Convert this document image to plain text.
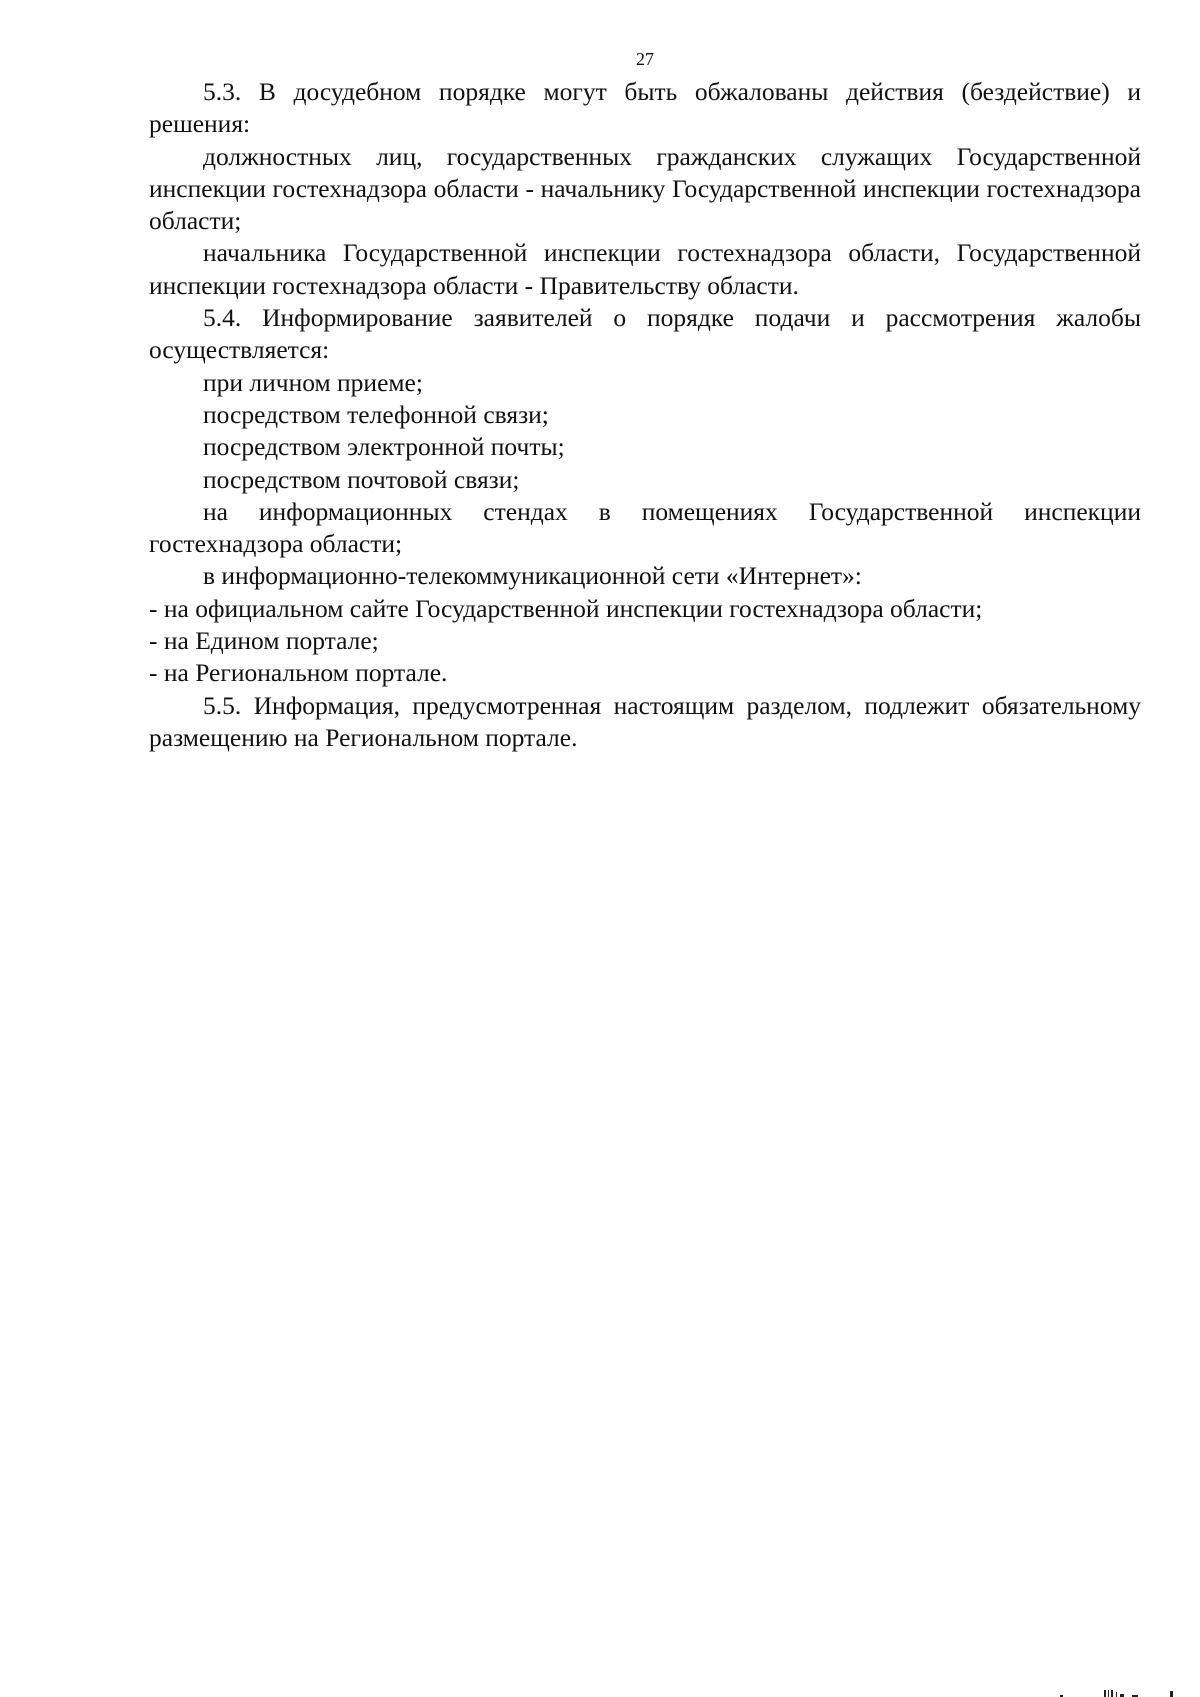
27

5.3. В досудебном порядке могут быть обжалованы действия (бездействие) и решения:

должностных лиц, государственных гражданских служащих Государственной инспекции гостехнадзора области - начальнику Государственной инспекции гостехнадзора области;

начальника Государственной инспекции гостехнадзора области, Государственной инспекции гостехнадзора области - Правительству области.

5.4. Информирование заявителей о порядке подачи и рассмотрения жалобы осуществляется:

при личном приеме;

посредством телефонной связи;

посредством электронной почты;

посредством почтовой связи;

на информационных стендах в помещениях Государственной инспекции гостехнадзора области;

в информационно-телекоммуникационной сети «Интернет»:

- на официальном сайте Государственной инспекции гостехнадзора области;

- на Едином портале;

- на Региональном портале.

5.5. Информация, предусмотренная настоящим разделом, подлежит обязательному размещению на Региональном портале.
